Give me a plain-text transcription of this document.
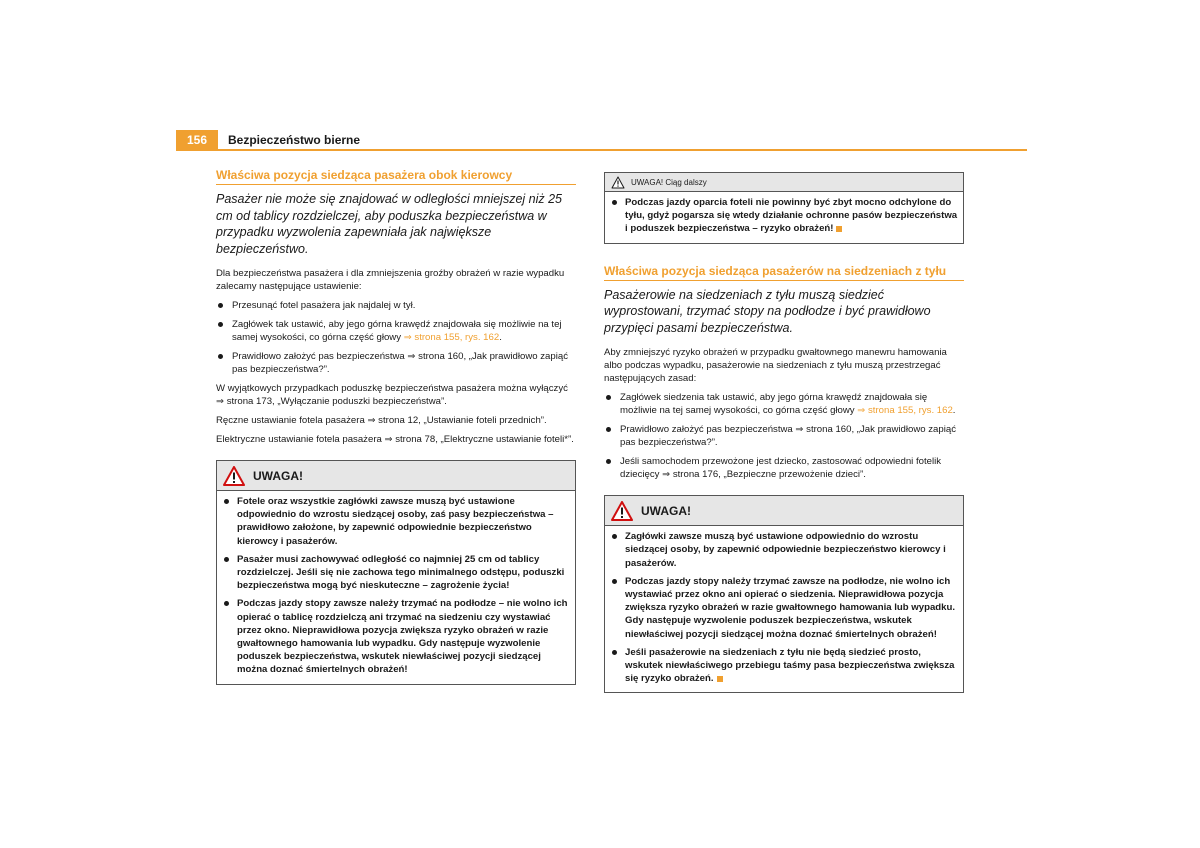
156	Bezpieczeństwo bierne
Właściwa pozycja siedząca pasażera obok kierowcy
Pasażer nie może się znajdować w odległości mniejszej niż 25 cm od tablicy rozdzielczej, aby poduszka bezpieczeństwa w przypadku wyzwolenia zapewniała jak największe bezpieczeństwo.

Dla bezpieczeństwa pasażera i dla zmniejszenia groźby obrażeń w razie wypadku zalecamy następujące ustawienie:

Przesunąć fotel pasażera jak najdalej w tył.
Zagłówek tak ustawić, aby jego górna krawędź znajdowała się możliwie na tej samej wysokości, co górna część głowy ⇒ strona 155, rys. 162.
Prawidłowo założyć pas bezpieczeństwa ⇒ strona 160, „Jak prawidłowo zapiąć pas bezpieczeństwa?”.

W wyjątkowych przypadkach poduszkę bezpieczeństwa pasażera można wyłączyć ⇒ strona 173, „Wyłączanie poduszki bezpieczeństwa”.

Ręczne ustawianie fotela pasażera ⇒ strona 12, „Ustawianie foteli przednich”.

Elektryczne ustawianie fotela pasażera ⇒ strona 78, „Elektryczne ustawianie foteli*”.

UWAGA!
Fotele oraz wszystkie zagłówki zawsze muszą być ustawione odpowiednio do wzrostu siedzącej osoby, zaś pasy bezpieczeństwa – prawidłowo założone, by zapewnić odpowiednie bezpieczeństwo kierowcy i pasażerów.
Pasażer musi zachowywać odległość co najmniej 25 cm od tablicy rozdzielczej. Jeśli się nie zachowa tego minimalnego odstępu, poduszki bezpieczeństwa mogą być nieskuteczne – zagrożenie życia!
Podczas jazdy stopy zawsze należy trzymać na podłodze – nie wolno ich opierać o tablicę rozdzielczą ani trzymać na siedzeniu czy wystawiać przez okno. Nieprawidłowa pozycja zwiększa ryzyko obrażeń w razie gwałtownego hamowania lub wypadku. Gdy następuje wyzwolenie poduszek bezpieczeństwa, wskutek niewłaściwej pozycji siedzącej można doznać śmiertelnych obrażeń!
UWAGA! Ciąg dalszy
Podczas jazdy oparcia foteli nie powinny być zbyt mocno odchylone do tyłu, gdyż pogarsza się wtedy działanie ochronne pasów bezpieczeństwa i poduszek bezpieczeństwa – ryzyko obrażeń!
Właściwa pozycja siedząca pasażerów na siedzeniach z tyłu
Pasażerowie na siedzeniach z tyłu muszą siedzieć wyprostowani, trzymać stopy na podłodze i być prawidłowo przypięci pasami bezpieczeństwa.

Aby zmniejszyć ryzyko obrażeń w przypadku gwałtownego manewru hamowania albo podczas wypadku, pasażerowie na siedzeniach z tyłu muszą przestrzegać następujących zasad:

Zagłówek siedzenia tak ustawić, aby jego górna krawędź znajdowała się możliwie na tej samej wysokości, co górna część głowy ⇒ strona 155, rys. 162.
Prawidłowo założyć pas bezpieczeństwa ⇒ strona 160, „Jak prawidłowo zapiąć pas bezpieczeństwa?”.
Jeśli samochodem przewożone jest dziecko, zastosować odpowiedni fotelik dziecięcy ⇒ strona 176, „Bezpieczne przewożenie dzieci”.
UWAGA!
Zagłówki zawsze muszą być ustawione odpowiednio do wzrostu siedzącej osoby, by zapewnić odpowiednie bezpieczeństwo kierowcy i pasażerów.
Podczas jazdy stopy należy trzymać zawsze na podłodze, nie wolno ich wystawiać przez okno ani opierać o siedzenia. Nieprawidłowa pozycja zwiększa ryzyko obrażeń w razie gwałtownego hamowania lub wypadku. Gdy następuje wyzwolenie poduszek bezpieczeństwa, wskutek niewłaściwej pozycji siedzącej można doznać śmiertelnych obrażeń!
Jeśli pasażerowie na siedzeniach z tyłu nie będą siedzieć prosto, wskutek niewłaściwego przebiegu taśmy pasa bezpieczeństwa zwiększa się ryzyko obrażeń.
